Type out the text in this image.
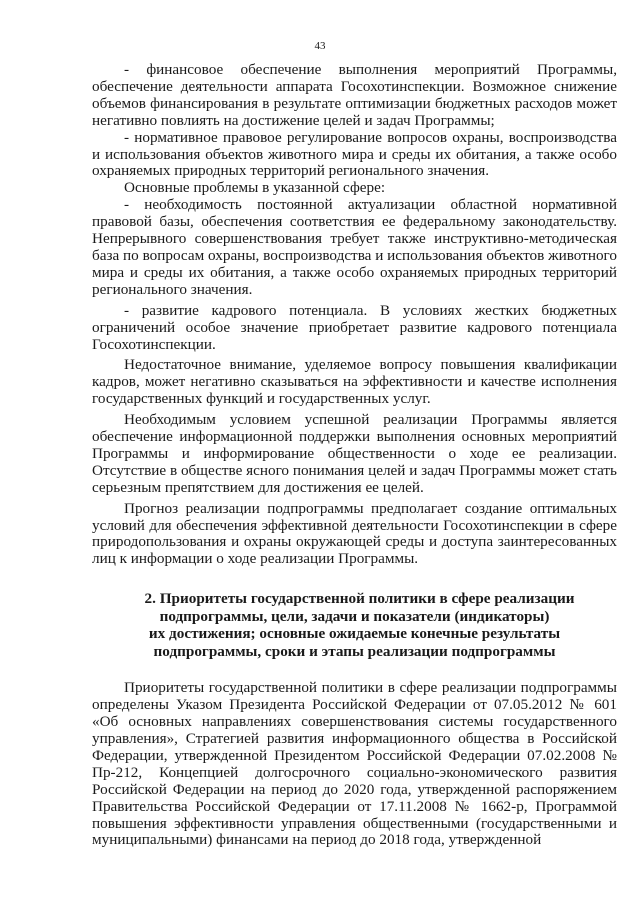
43

- финансовое обеспечение выполнения мероприятий Программы, обеспечение деятельности аппарата Госохотинспекции. Возможное снижение объемов финансирования в результате оптимизации бюджетных расходов может негативно повлиять на достижение целей и задач Программы;

- нормативное правовое регулирование вопросов охраны, воспроизводства и использования объектов животного мира и среды их обитания, а также особо охраняемых природных территорий регионального значения.

Основные проблемы в указанной сфере:

- необходимость постоянной актуализации областной нормативной правовой базы, обеспечения соответствия ее федеральному законодательству. Непрерывного совершенствования требует также инструктивно-методическая база по вопросам охраны, воспроизводства и использования объектов животного мира и среды их обитания, а также особо охраняемых природных территорий регионального значения.

- развитие кадрового потенциала. В условиях жестких бюджетных ограничений особое значение приобретает развитие кадрового потенциала Госохотинспекции.

Недостаточное внимание, уделяемое вопросу повышения квалификации кадров, может негативно сказываться на эффективности и качестве исполнения государственных функций и государственных услуг.

Необходимым условием успешной реализации Программы является обеспечение информационной поддержки выполнения основных мероприятий Программы и информирование общественности о ходе ее реализации. Отсутствие в обществе ясного понимания целей и задач Программы может стать серьезным препятствием для достижения ее целей.

Прогноз реализации подпрограммы предполагает создание оптимальных условий для обеспечения эффективной деятельности Госохотинспекции в сфере природопользования и охраны окружающей среды и доступа заинтересованных лиц к информации о ходе реализации Программы.

2. Приоритеты государственной политики в сфере реализации
подпрограммы, цели, задачи и показатели (индикаторы)
их достижения; основные ожидаемые конечные результаты
подпрограммы, сроки и этапы реализации подпрограммы

Приоритеты государственной политики в сфере реализации подпрограммы определены Указом Президента Российской Федерации от 07.05.2012 № 601 «Об основных направлениях совершенствования системы государственного управления», Стратегией развития информационного общества в Российской Федерации, утвержденной Президентом Российской Федерации 07.02.2008 № Пр-212, Концепцией долгосрочного социально-экономического развития Российской Федерации на период до 2020 года, утвержденной распоряжением Правительства Российской Федерации от 17.11.2008 № 1662-р, Программой повышения эффективности управления общественными (государственными и муниципальными) финансами на период до 2018 года, утвержденной
